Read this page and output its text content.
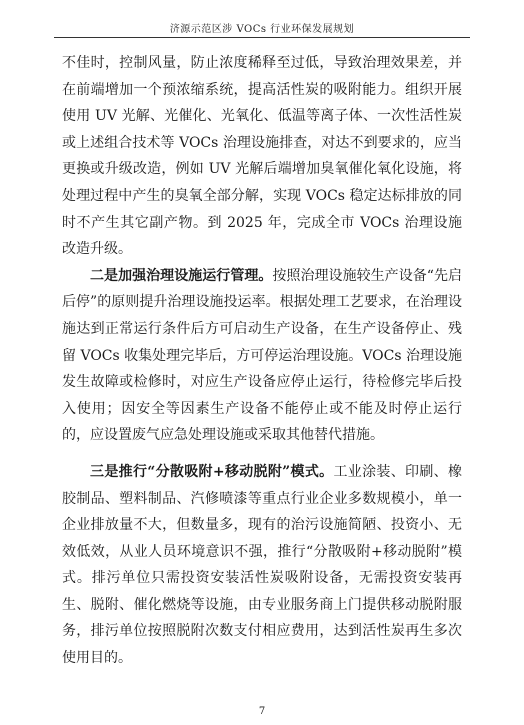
济源示范区涉 VOCs 行业环保发展规划

不佳时，控制风量，防止浓度稀释至过低，导致治理效果差，并在前端增加一个预浓缩系统，提高活性炭的吸附能力。组织开展使用 UV 光解、光催化、光氧化、低温等离子体、一次性活性炭或上述组合技术等 VOCs 治理设施排查，对达不到要求的，应当更换或升级改造，例如 UV 光解后端增加臭氧催化氧化设施，将处理过程中产生的臭氧全部分解，实现 VOCs 稳定达标排放的同时不产生其它副产物。到 2025 年，完成全市 VOCs 治理设施改造升级。

二是加强治理设施运行管理。按照治理设施较生产设备“先启后停”的原则提升治理设施投运率。根据处理工艺要求，在治理设施达到正常运行条件后方可启动生产设备，在生产设备停止、残留 VOCs 收集处理完毕后，方可停运治理设施。VOCs 治理设施发生故障或检修时，对应生产设备应停止运行，待检修完毕后投入使用；因安全等因素生产设备不能停止或不能及时停止运行的，应设置废气应急处理设施或采取其他替代措施。

三是推行“分散吸附+移动脱附”模式。工业涂装、印刷、橡胶制品、塑料制品、汽修喷漆等重点行业企业多数规模小，单一企业排放量不大，但数量多，现有的治污设施简陋、投资小、无效低效，从业人员环境意识不强，推行“分散吸附+移动脱附”模式。排污单位只需投资安装活性炭吸附设备，无需投资安装再生、脱附、催化燃烧等设施，由专业服务商上门提供移动脱附服务，排污单位按照脱附次数支付相应费用，达到活性炭再生多次使用目的。

7
